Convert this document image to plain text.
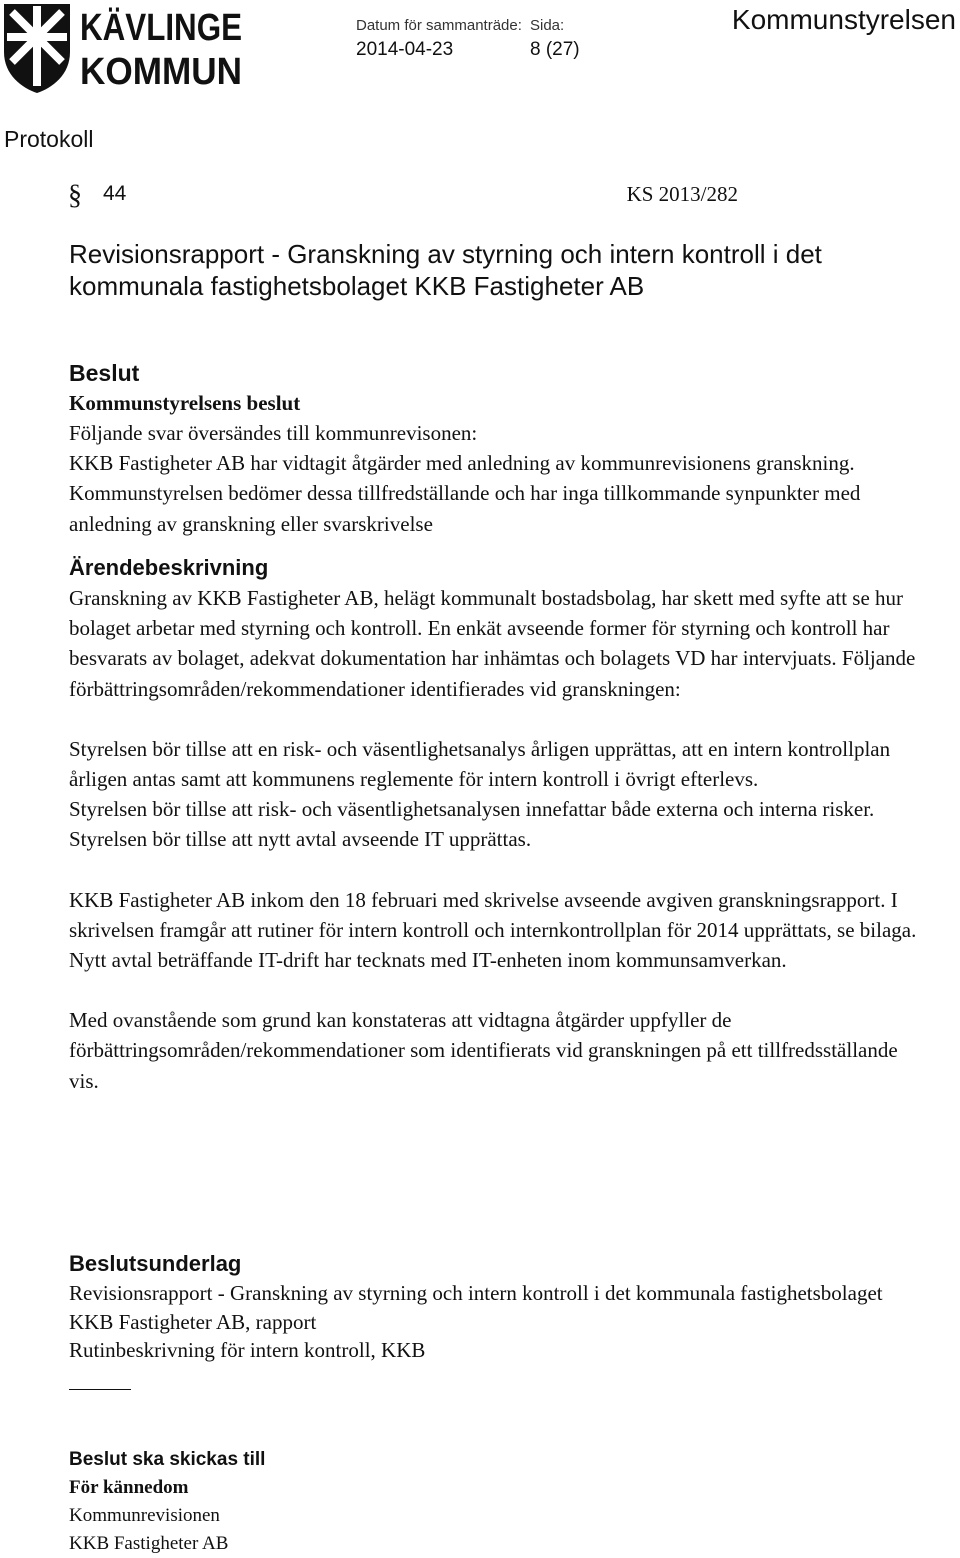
KÄVLINGE
KOMMUN
Datum för sammanträde:
2014-04-23
Sida:
8 (27)
Kommunstyrelsen
Protokoll
§ 44	KS 2013/282
Revisionsrapport - Granskning av styrning och intern kontroll i det kommunala fastighetsbolaget KKB Fastigheter AB
Beslut
Kommunstyrelsens beslut

Följande svar översändes till kommunrevisonen:

KKB Fastigheter AB har vidtagit åtgärder med anledning av kommunrevisionens granskning. Kommunstyrelsen bedömer dessa tillfredställande och har inga tillkommande synpunkter med anledning av granskning eller svarskrivelse

Ärendebeskrivning

Granskning av KKB Fastigheter AB, helägt kommunalt bostadsbolag, har skett med syfte att se hur bolaget arbetar med styrning och kontroll. En enkät avseende former för styrning och kontroll har besvarats av bolaget, adekvat dokumentation har inhämtas och bolagets VD har intervjuats. Följande förbättringsområden/rekommendationer identifierades vid granskningen:

Styrelsen bör tillse att en risk- och väsentlighetsanalys årligen upprättas, att en intern kontrollplan årligen antas samt att kommunens reglemente för intern kontroll i övrigt efterlevs.

Styrelsen bör tillse att risk- och väsentlighetsanalysen innefattar både externa och interna risker.

Styrelsen bör tillse att nytt avtal avseende IT upprättas.

KKB Fastigheter AB inkom den 18 februari med skrivelse avseende avgiven granskningsrapport. I skrivelsen framgår att rutiner för intern kontroll och internkontrollplan för 2014 upprättats, se bilaga. Nytt avtal beträffande IT-drift har tecknats med IT-enheten inom kommunsamverkan.

Med ovanstående som grund kan konstateras att vidtagna åtgärder uppfyller de förbättringsområden/rekommendationer som identifierats vid granskningen på ett tillfredsställande vis.

Beslutsunderlag

Revisionsrapport - Granskning av styrning och intern kontroll i det kommunala fastighetsbolaget KKB Fastigheter AB, rapport

Rutinbeskrivning för intern kontroll, KKB

Beslut ska skickas till
För kännedom
Kommunrevisionen
KKB Fastigheter AB
